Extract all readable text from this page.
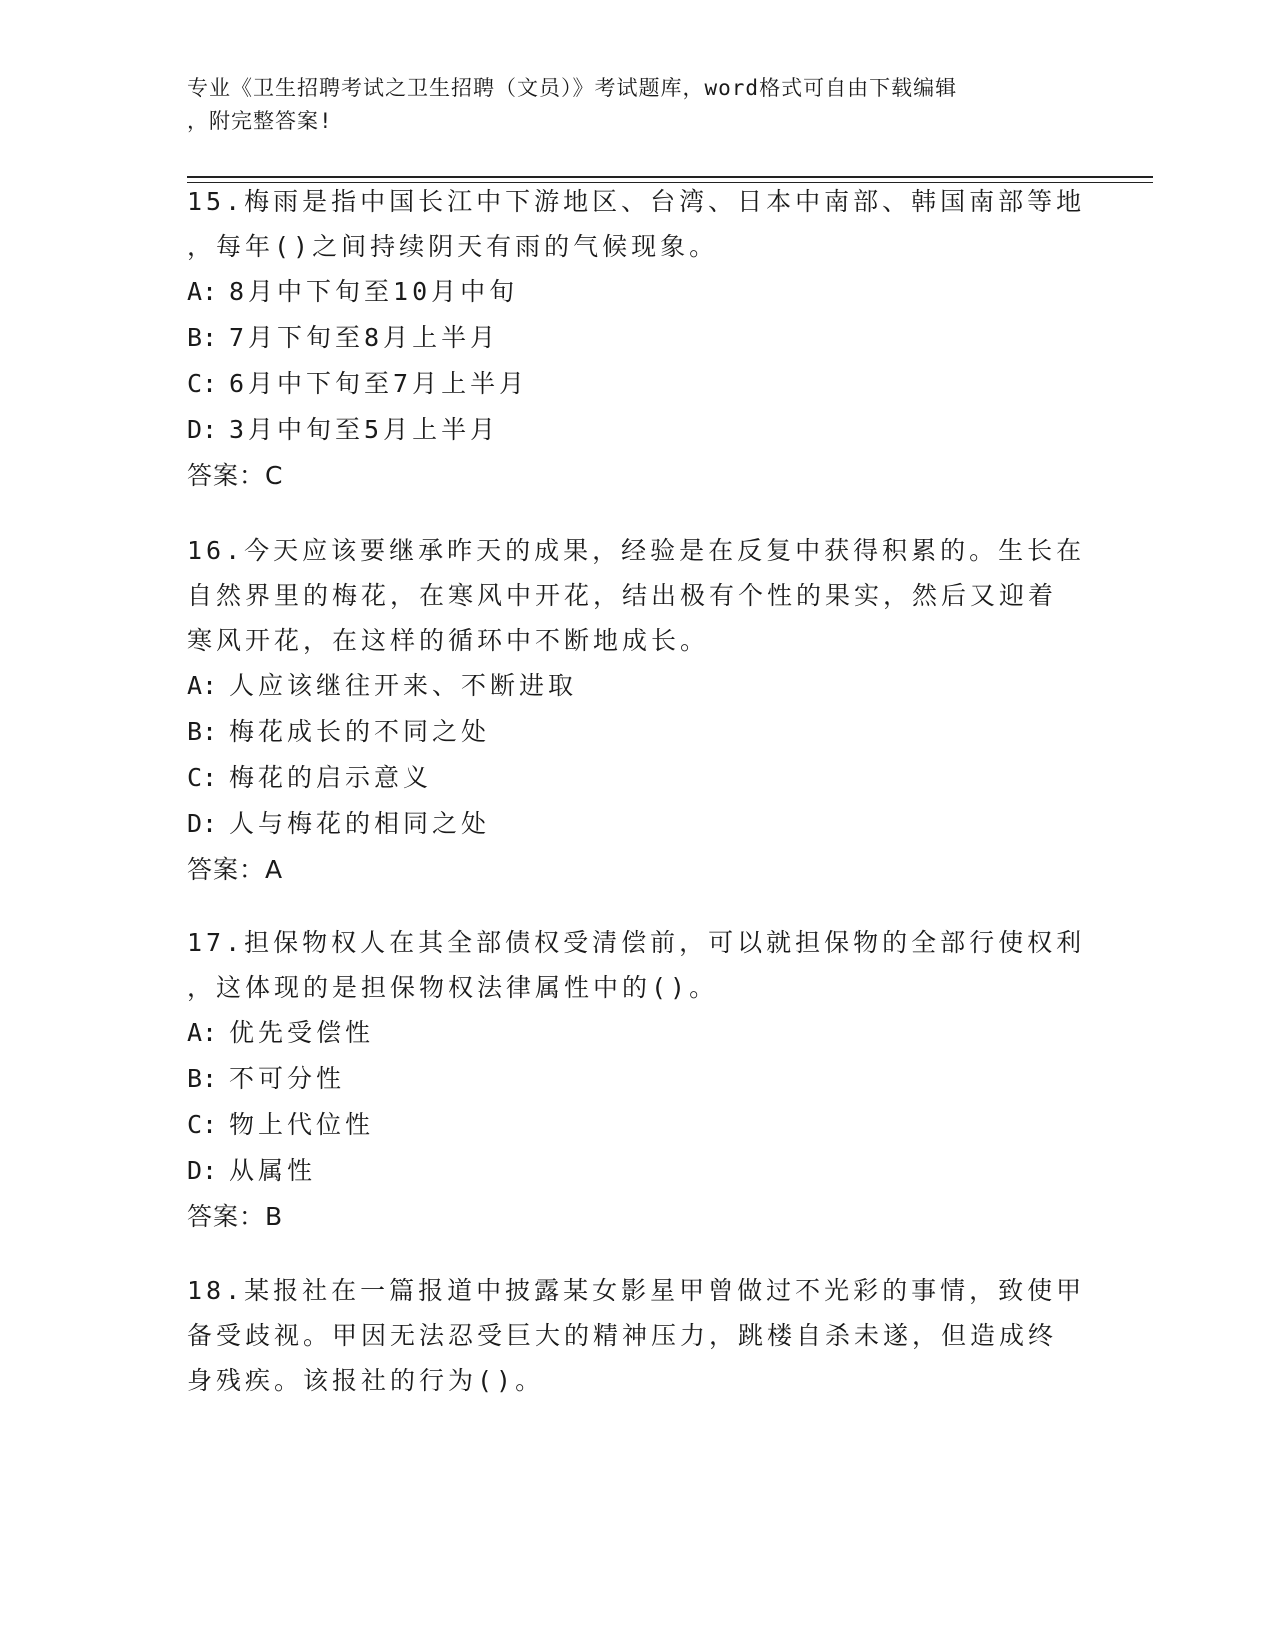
专业《卫生招聘考试之卫生招聘（文员）》考试题库，word格式可自由下载编辑
，附完整答案!
15.梅雨是指中国长江中下游地区、台湾、日本中南部、韩国南部等地
，每年()之间持续阴天有雨的气候现象。
A: 8月中下旬至10月中旬
B: 7月下旬至8月上半月
C: 6月中下旬至7月上半月
D: 3月中旬至5月上半月
答案：C
16.今天应该要继承昨天的成果，经验是在反复中获得积累的。生长在
自然界里的梅花，在寒风中开花，结出极有个性的果实，然后又迎着
寒风开花，在这样的循环中不断地成长。
A: 人应该继往开来、不断进取
B: 梅花成长的不同之处
C: 梅花的启示意义
D: 人与梅花的相同之处
答案：A
17.担保物权人在其全部债权受清偿前，可以就担保物的全部行使权利
，这体现的是担保物权法律属性中的()。
A: 优先受偿性
B: 不可分性
C: 物上代位性
D: 从属性
答案：B
18.某报社在一篇报道中披露某女影星甲曾做过不光彩的事情，致使甲
备受歧视。甲因无法忍受巨大的精神压力，跳楼自杀未遂，但造成终
身残疾。该报社的行为()。
